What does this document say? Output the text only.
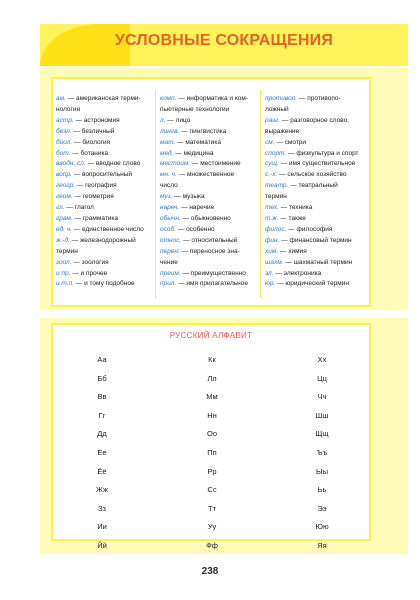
УСЛОВНЫЕ СОКРАЩЕНИЯ
ам. — американская терми-
нология
астр. — астрономия
безл. — безличный
биол. — биология
бот. — ботаника
вводн. сл. — вводное слово
вопр. — вопросительный
геогр. — география
геом. — геометрия
гл. — глагол
грам. — грамматика
ед. ч. — единственное число
ж.-д. — железнодорожный
термин
зоол. — зоология
и пр. — и прочее
и т.п. — и тому подобное
комп. — информатика и ком-
пьютерные технологии
л. — лицо
лингв. — лингвистика
мат. — математика
мед. — медицина
местоим. — местоимение
мн. ч. — множественное
число
муз. — музыка
нареч. — наречие
обычн. — обыкновенно
особ. — особенно
относ. — относительный
перен. — переносное зна-
чение
преим. — преимущественно
прил. — имя прилагательное
противоп. — противопо-
ложный
разг. — разговорное слово,
выражение
см. — смотри
спорт. — физкультура и спорт
сущ. — имя существительное
с.-х. — сельское хозяйство
театр. — театральный
термин
тех. — техника
т.ж. — также
филос. — философия
фин. — финансовый термин
хим. — химия
шахм. — шахматный термин
эл. — электроника
юр. — юридический термин
РУССКИЙ АЛФАВИТ
Аа
Бб
Вв
Гг
Дд
Ее
Ёё
Жж
Зз
Ии
Йй
Кк
Лл
Мм
Нн
Оо
Пп
Рр
Сс
Тт
Уу
Фф
Хх
Цц
Чч
Шш
Щщ
Ъъ
Ыы
Ьь
Ээ
Юю
Яя
238
